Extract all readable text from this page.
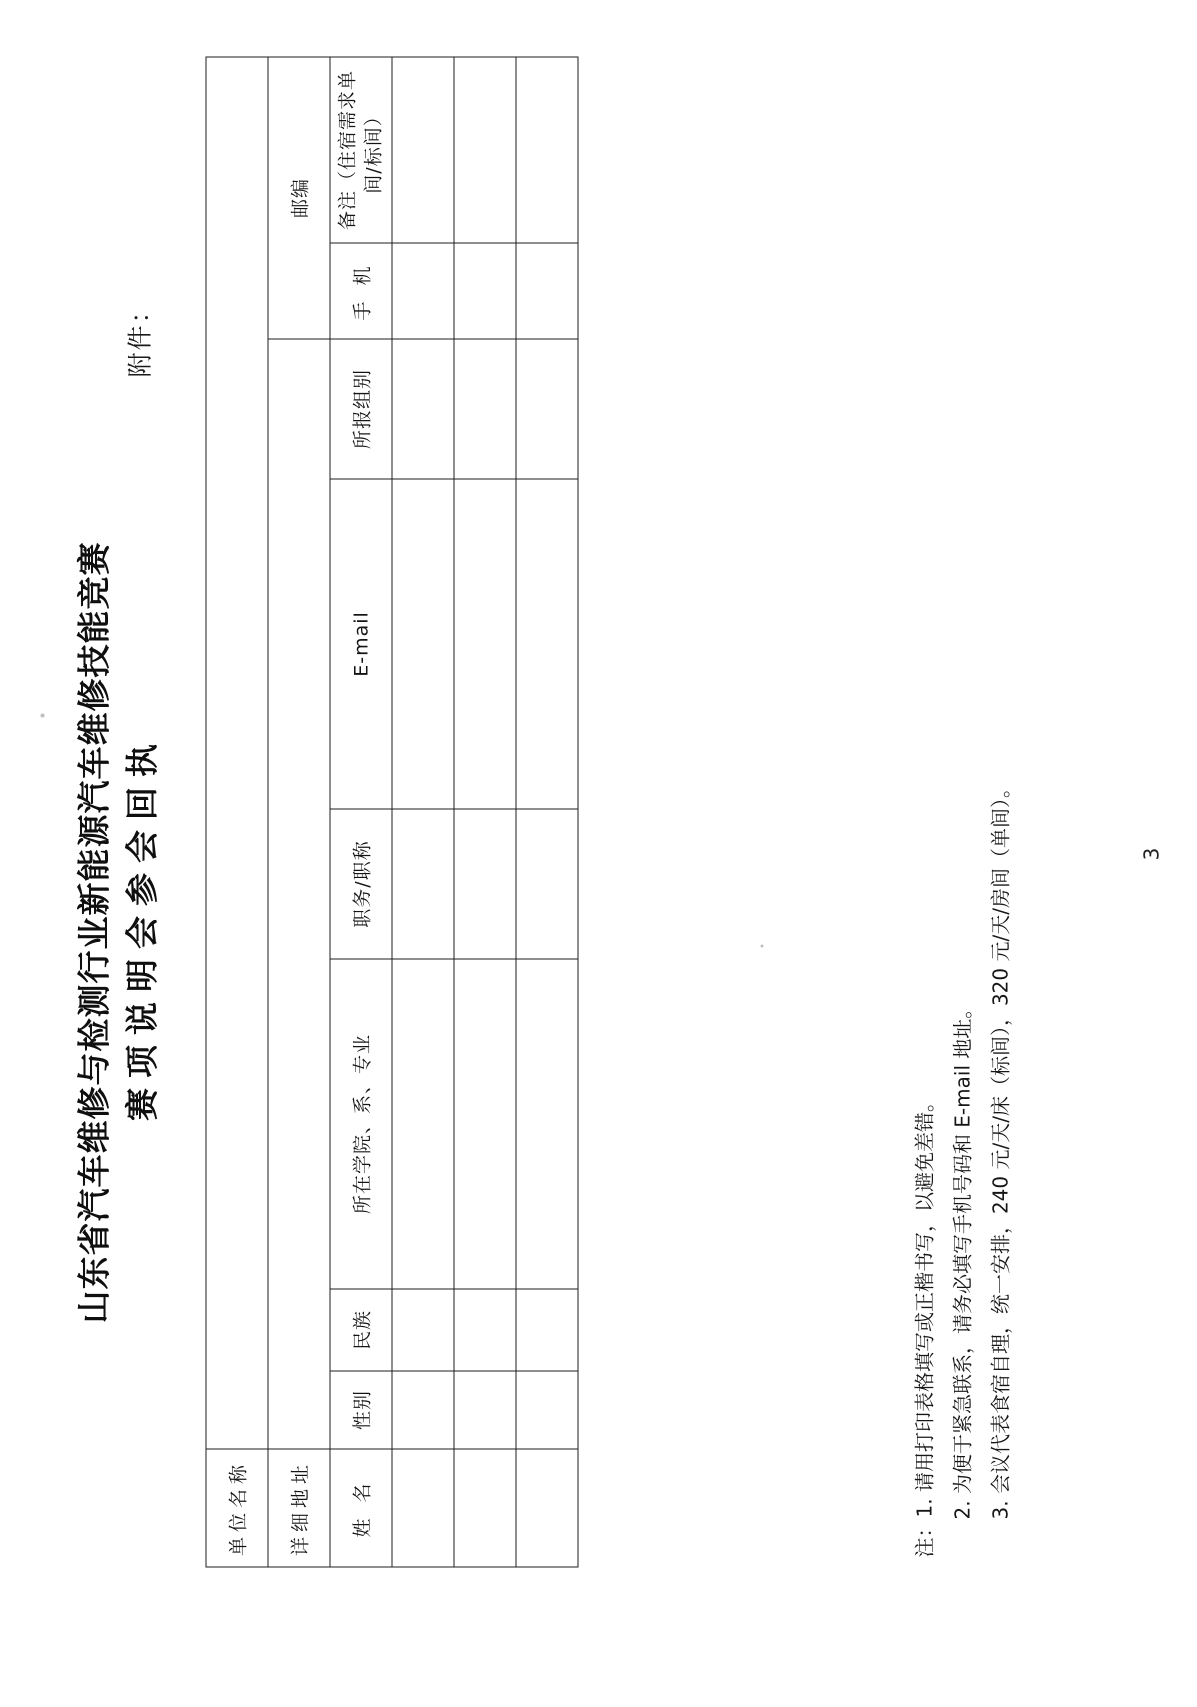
附件：
山东省汽车维修与检测行业新能源汽车维修技能竞赛 赛项说明会参会回执
单位名称								
详细地址							邮编	
姓 名	性别	民族	所在学院、系、专业	职务/职称	E-mail	所报组别	手 机	备注（住宿需求单间/标间）

注：1. 请用打印表格填写或正楷书写，以避免差错。 2. 为便于紧急联系，请务必填写手机号码和 E-mail 地址。 3. 会议代表食宿自理，统一安排，240 元/天/床（标间），320 元/天/房间（单间）。	3
